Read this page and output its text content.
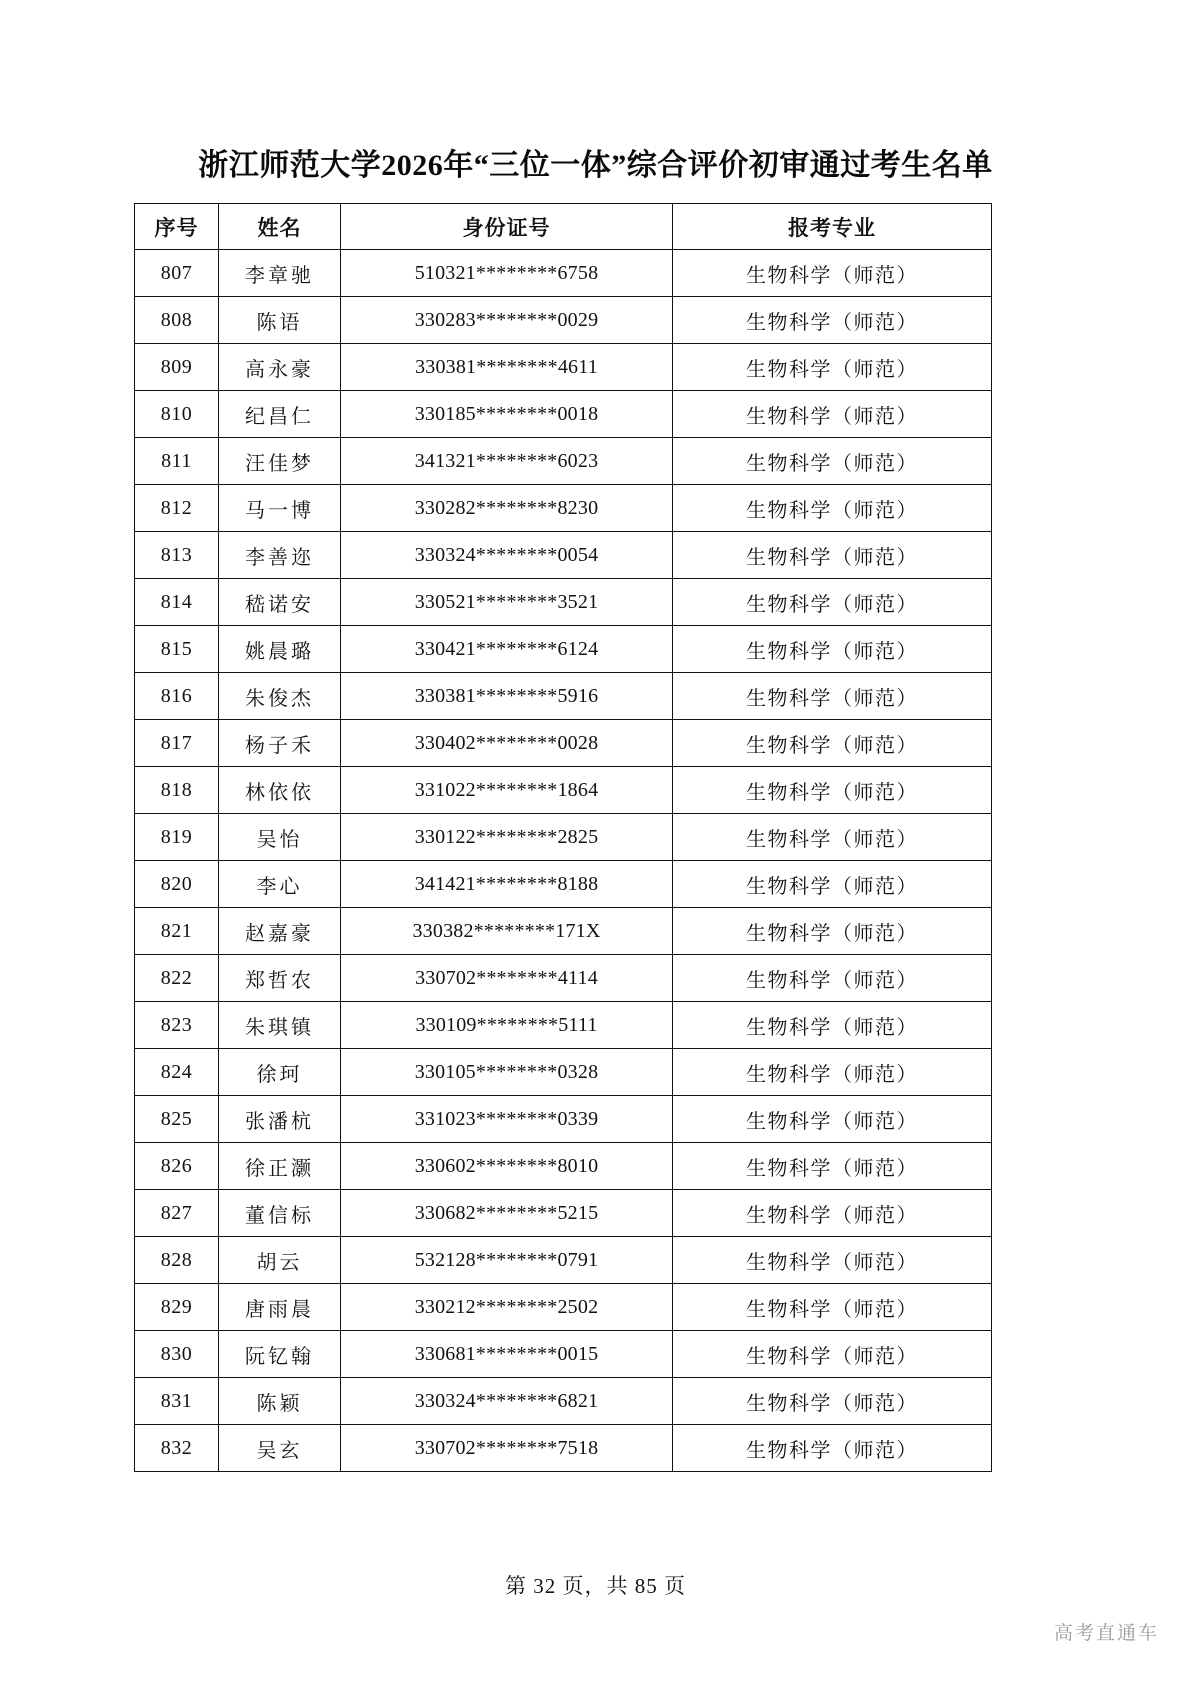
浙江师范大学2026年“三位一体”综合评价初审通过考生名单
序号	姓名	身份证号	报考专业
807	李章驰	510321********6758	生物科学（师范）
808	陈语	330283********0029	生物科学（师范）
809	高永豪	330381********4611	生物科学（师范）
810	纪昌仁	330185********0018	生物科学（师范）
811	汪佳梦	341321********6023	生物科学（师范）
812	马一博	330282********8230	生物科学（师范）
813	李善迩	330324********0054	生物科学（师范）
814	嵇诺安	330521********3521	生物科学（师范）
815	姚晨璐	330421********6124	生物科学（师范）
816	朱俊杰	330381********5916	生物科学（师范）
817	杨子禾	330402********0028	生物科学（师范）
818	林依依	331022********1864	生物科学（师范）
819	吴怡	330122********2825	生物科学（师范）
820	李心	341421********8188	生物科学（师范）
821	赵嘉豪	330382********171X	生物科学（师范）
822	郑哲农	330702********4114	生物科学（师范）
823	朱琪镇	330109********5111	生物科学（师范）
824	徐珂	330105********0328	生物科学（师范）
825	张潘杭	331023********0339	生物科学（师范）
826	徐正灏	330602********8010	生物科学（师范）
827	董信标	330682********5215	生物科学（师范）
828	胡云	532128********0791	生物科学（师范）
829	唐雨晨	330212********2502	生物科学（师范）
830	阮钇翰	330681********0015	生物科学（师范）
831	陈颖	330324********6821	生物科学（师范）
832	吴玄	330702********7518	生物科学（师范）
第 32 页，共 85 页
高考直通车
